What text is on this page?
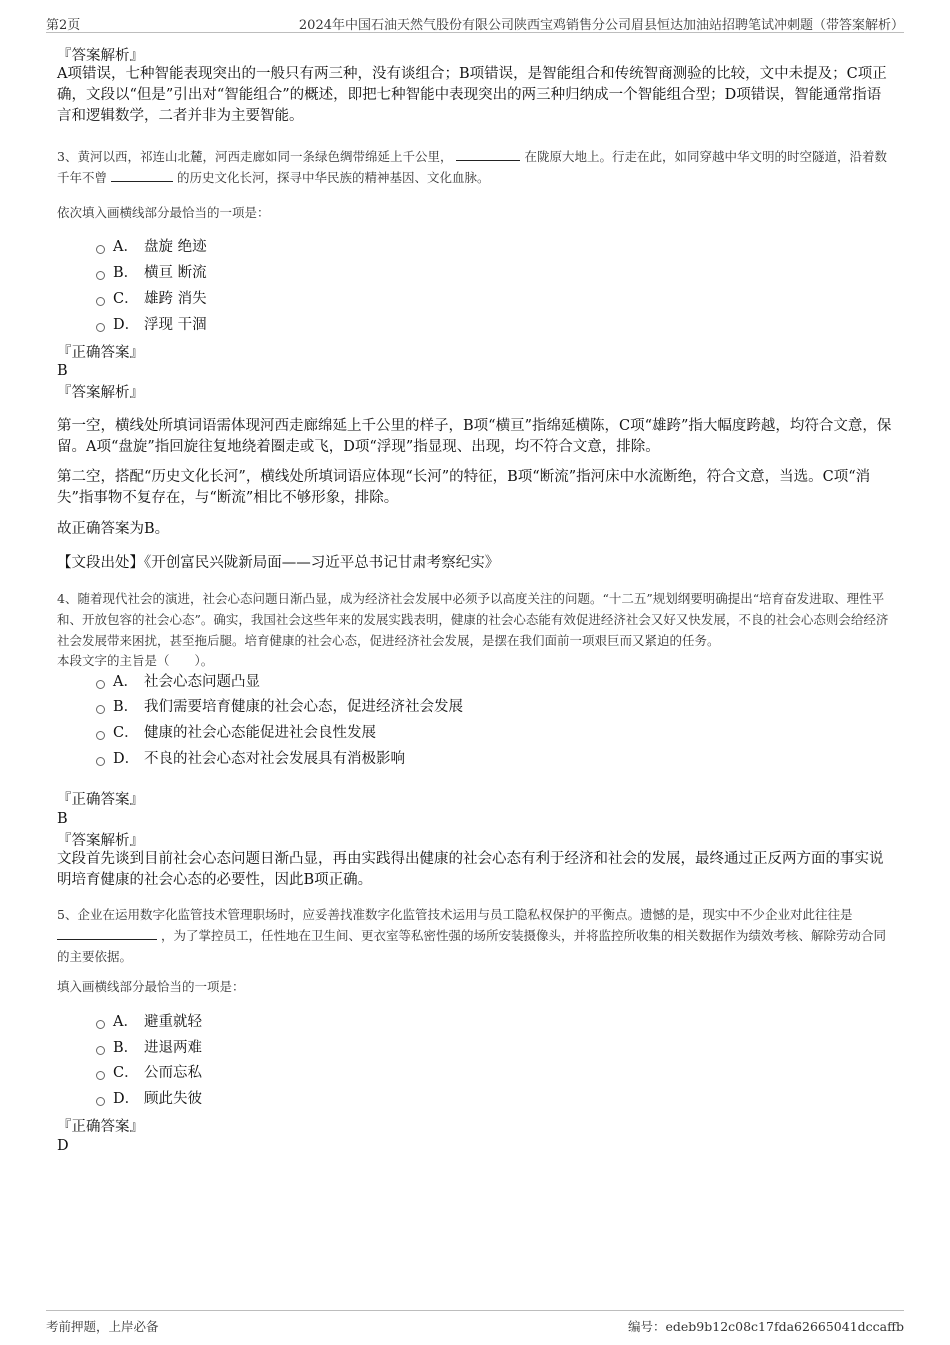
第2页	2024年中国石油天然气股份有限公司陕西宝鸡销售分公司眉县恒达加油站招聘笔试冲刺题（带答案解析）
『答案解析』

A项错误，七种智能表现突出的一般只有两三种，没有谈组合；B项错误，是智能组合和传统智商测验的比较，文中未提及；C项正确，文段以“但是”引出对“智能组合”的概述，即把七种智能中表现突出的两三种归纳成一个智能组合型；D项错误，智能通常指语言和逻辑数学，二者并非为主要智能。

3、黄河以西，祁连山北麓，河西走廊如同一条绿色绸带绵延上千公里，	在陇原大地上。行走在此，如同穿越中华文明的时空隧道，沿着数千年不曾	的历史文化长河，探寻中华民族的精神基因、文化血脉。

依次填入画横线部分最恰当的一项是：
A． 盘旋 绝迹
B． 横亘 断流
C． 雄跨 消失
D． 浮现 干涸
『正确答案』
B
『答案解析』

第一空，横线处所填词语需体现河西走廊绵延上千公里的样子，B项“横亘”指绵延横陈，C项“雄跨”指大幅度跨越，均符合文意，保留。A项“盘旋”指回旋往复地绕着圈走或飞，D项“浮现”指显现、出现，均不符合文意，排除。

第二空，搭配“历史文化长河”，横线处所填词语应体现“长河”的特征，B项“断流”指河床中水流断绝，符合文意，当选。C项“消失”指事物不复存在，与“断流”相比不够形象，排除。

故正确答案为B。

【文段出处】《开创富民兴陇新局面——习近平总书记甘肃考察纪实》

4、随着现代社会的演进，社会心态问题日渐凸显，成为经济社会发展中必须予以高度关注的问题。“十二五”规划纲要明确提出“培育奋发进取、理性平和、开放包容的社会心态”。确实，我国社会这些年来的发展实践表明，健康的社会心态能有效促进经济社会又好又快发展，不良的社会心态则会给经济社会发展带来困扰，甚至拖后腿。培育健康的社会心态，促进经济社会发展，是摆在我们面前一项艰巨而又紧迫的任务。

本段文字的主旨是（　　）。
A． 社会心态问题凸显
B． 我们需要培育健康的社会心态，促进经济社会发展
C． 健康的社会心态能促进社会良性发展
D． 不良的社会心态对社会发展具有消极影响
『正确答案』
B
『答案解析』

文段首先谈到目前社会心态问题日渐凸显，再由实践得出健康的社会心态有利于经济和社会的发展，最终通过正反两方面的事实说明培育健康的社会心态的必要性，因此B项正确。

5、企业在运用数字化监管技术管理职场时，应妥善找准数字化监管技术运用与员工隐私权保护的平衡点。遗憾的是，现实中不少企业对此往往是  ，为了掌控员工，任性地在卫生间、更衣室等私密性强的场所安装摄像头，并将监控所收集的相关数据作为绩效考核、解除劳动合同的主要依据。

填入画横线部分最恰当的一项是：
A． 避重就轻
B． 进退两难
C． 公而忘私
D． 顾此失彼
『正确答案』
D
考前押题，上岸必备	编号：edeb9b12c08c17fda62665041dccaffb
